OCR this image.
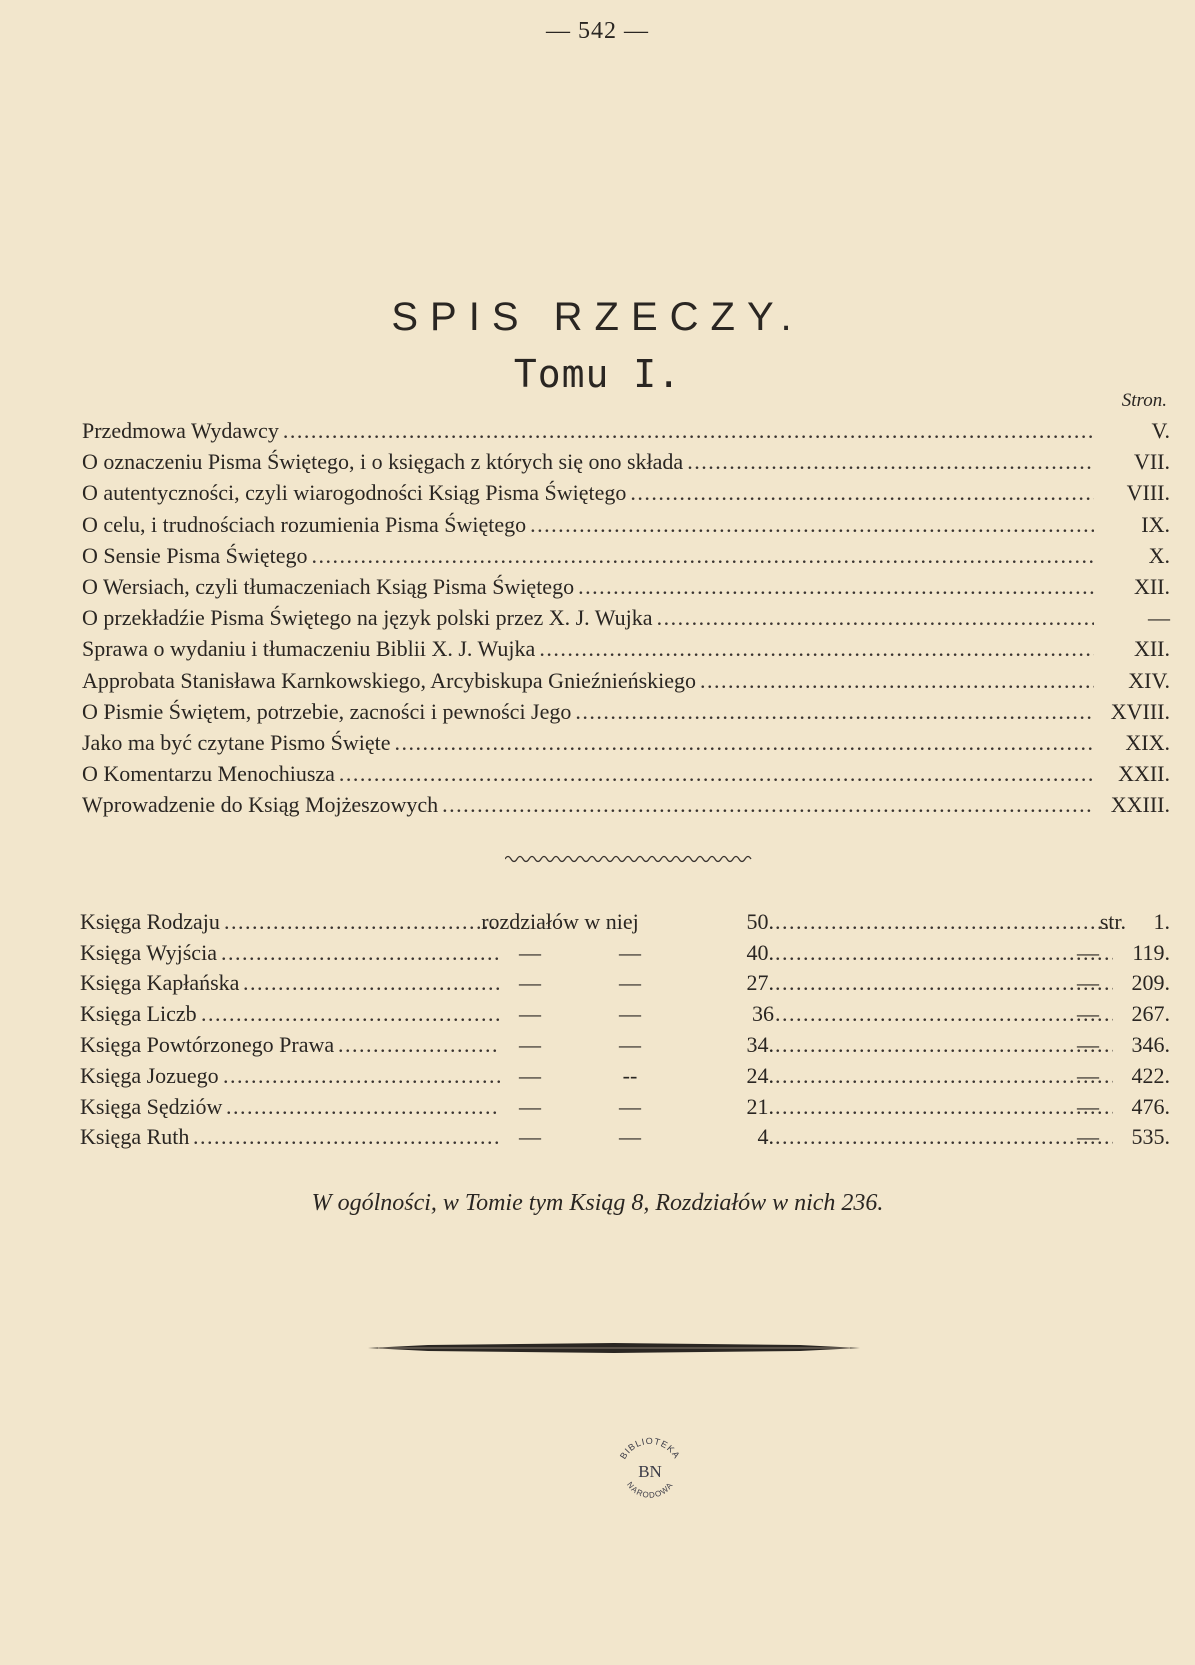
— 542 —
SPIS RZECZY.
Tomu I.
Stron.
Przedmowa Wydawcy . . .	V.
O oznaczeniu Pisma Świętego, i o księgach z których się ono składa . . .	VII.
O autentyczności, czyli wiarogodności Ksiąg Pisma Świętego . . .	VIII.
O celu, i trudnościach rozumienia Pisma Świętego . . .	IX.
O Sensie Pisma Świętego . . .	X.
O Wersiach, czyli tłumaczeniach Ksiąg Pisma Świętego . . .	XII.
O przekładźie Pisma Świętego na język polski przez X. J. Wujka . . .	—
Sprawa o wydaniu i tłumaczeniu Biblii X. J. Wujka . . .	XII.
Approbata Stanisława Karnkowskiego, Arcybiskupa Gnieźnieńskiego . . .	XIV.
O Pismie Świętem, potrzebie, zacności i pewności Jego . . .	XVIII.
Jako ma być czytane Pismo Święte . . .	XIX.
O Komentarzu Menochiusza . . .	XXII.
Wprowadzenie do Ksiąg Mojżeszowych . . .	XXIII.
Księga Rodzaju . . .	rozdziałów w niej	50. . . .	str.	1.
Księga Wyjścia . . .	—	—	40. . . .	—	119.
Księga Kapłańska . . .	—	—	27. . . .	—	209.
Księga Liczb . . .	—	—	36 . . .	—	267.
Księga Powtórzonego Prawa . . .	—	—	34. . . .	—	346.
Księga Jozuego . . .	—	--	24. . . .	—	422.
Księga Sędziów . . .	—	—	21. . . .	—	476.
Księga Ruth . . .	—	—	4. . . .	—	535.
W ogólności, w Tomie tym Ksiąg 8, Rozdziałów w nich 236.
BIBLIOTEKA
BN
NARODOWA
